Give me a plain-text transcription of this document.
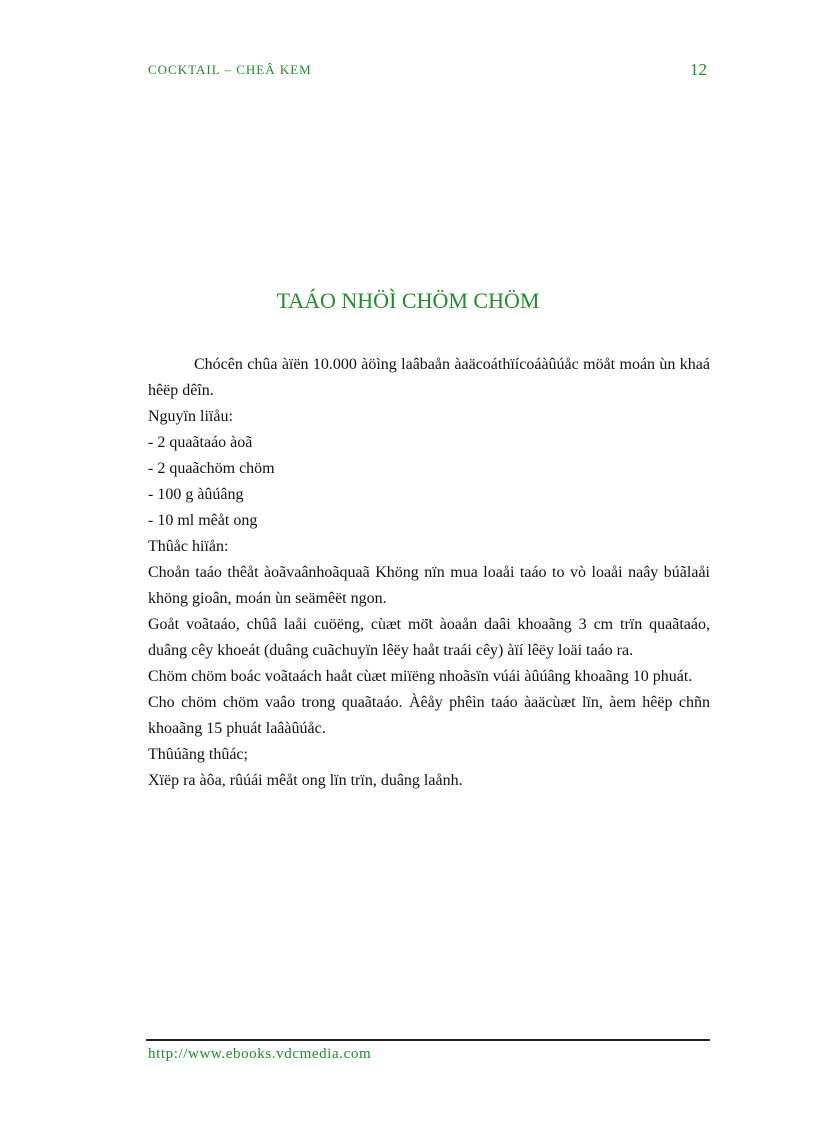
COCKTAIL – CHEÂ KEM	12
TAÁO NHÖÌ CHÖM CHÖM

Chócên chûa àïën 10.000 àöìng laâbaån àaäcoáthïícoáàûúåc möåt moán ùn khaá hêëp dêîn.

Nguyïn liïåu:

- 2 quaãtaáo àoã

- 2 quaãchöm chöm

- 100 g àûúâng

- 10 ml mêåt ong

Thûåc hiïån:

Choån taáo thêåt àoãvaânhoãquaã Khöng nïn mua loaåi taáo to vò loaåi naây búãlaåi khöng gioân, moán ùn seämêët ngon.

Goåt voãtaáo, chûâ laåi cuöëng, cùæt mö̈t àoaån daâi khoaãng 3 cm trïn quaãtaáo, duâng cêy khoeát (duâng cuãchuyïn lêëy haåt traái cêy) àïí lêëy loäi taáo ra.

Chöm chöm boác voãtaách haåt cùæt miïëng nhoãsïn vúái àûúâng khoaãng 10 phuát.

Cho chöm chöm vaâo trong quaãtaáo. Àêåy phêìn taáo àaäcùæt lïn, àem hêëp chñn khoaãng 15 phuát laâàûúåc.

Thûúãng thûác;

Xïëp ra àôa, rûúái mêåt ong lïn trïn, duâng laånh.

http://www.ebooks.vdcmedia.com
